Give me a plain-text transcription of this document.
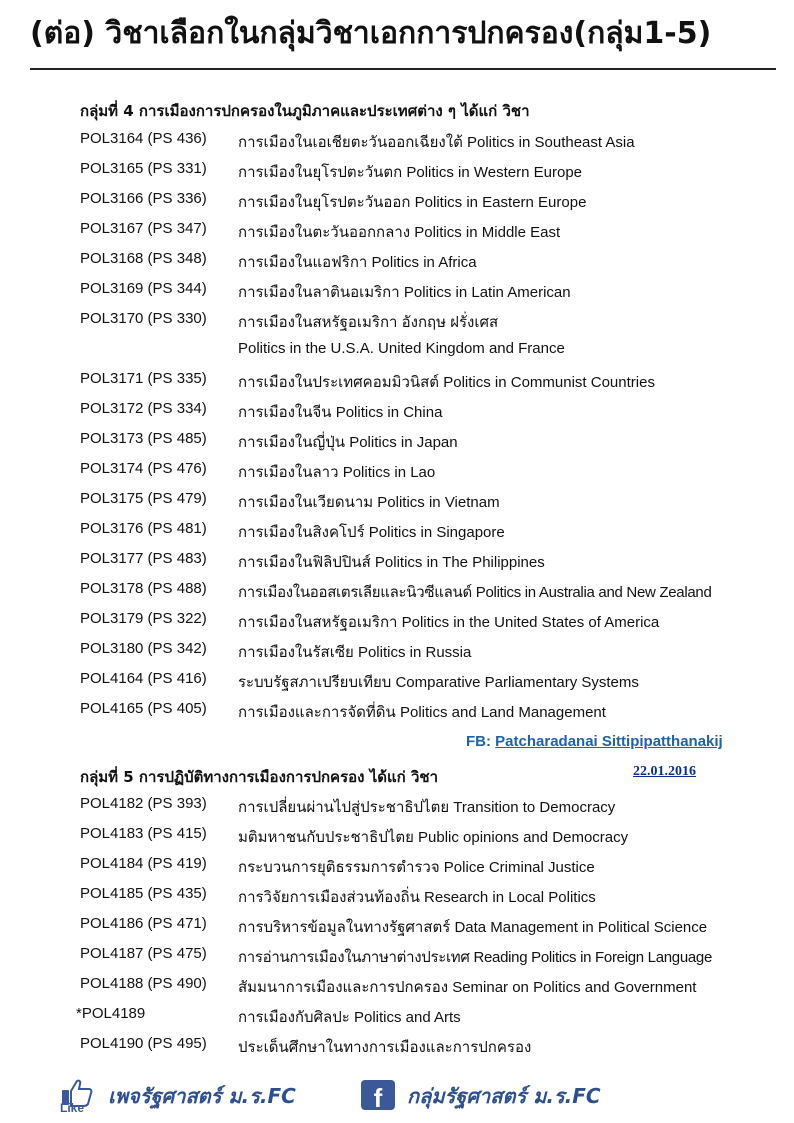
(ต่อ) วิชาเลือกในกลุ่มวิชาเอกการปกครอง(กลุ่ม1-5)
กลุ่มที่ 4 การเมืองการปกครองในภูมิภาคและประเทศต่าง ๆ ได้แก่ วิชา
POL3164 (PS 436) การเมืองในเอเชียตะวันออกเฉียงใต้ Politics in Southeast Asia
POL3165 (PS 331) การเมืองในยุโรปตะวันตก Politics in Western Europe
POL3166 (PS 336) การเมืองในยุโรปตะวันออก Politics in Eastern Europe
POL3167 (PS 347) การเมืองในตะวันออกกลาง Politics in Middle East
POL3168 (PS 348) การเมืองในแอฟริกา Politics in Africa
POL3169 (PS 344) การเมืองในลาตินอเมริกา Politics in Latin American
POL3170 (PS 330) การเมืองในสหรัฐอเมริกา อังกฤษ ฝรั่งเศส
Politics in the U.S.A. United Kingdom and France
POL3171 (PS 335) การเมืองในประเทศคอมมิวนิสต์ Politics in Communist Countries
POL3172 (PS 334) การเมืองในจีน Politics in China
POL3173 (PS 485) การเมืองในญี่ปุ่น Politics in Japan
POL3174 (PS 476) การเมืองในลาว Politics in Lao
POL3175 (PS 479) การเมืองในเวียดนาม Politics in Vietnam
POL3176 (PS 481) การเมืองในสิงคโปร์ Politics in Singapore
POL3177 (PS 483) การเมืองในฟิลิปปินส์ Politics in The Philippines
POL3178 (PS 488) การเมืองในออสเตรเลียและนิวซีแลนด์ Politics in Australia and New Zealand
POL3179 (PS 322) การเมืองในสหรัฐอเมริกา Politics in the United States of America
POL3180 (PS 342) การเมืองในรัสเซีย Politics in Russia
POL4164 (PS 416) ระบบรัฐสภาเปรียบเทียบ Comparative Parliamentary Systems
POL4165 (PS 405) การเมืองและการจัดที่ดิน Politics and Land Management
FB: Patcharadanai Sittipipatthanakij
22.01.2016
กลุ่มที่ 5 การปฏิบัติทางการเมืองการปกครอง ได้แก่ วิชา
POL4182 (PS 393) การเปลี่ยนผ่านไปสู่ประชาธิปไตย Transition to Democracy
POL4183 (PS 415) มติมหาชนกับประชาธิปไตย Public opinions and Democracy
POL4184 (PS 419) กระบวนการยุติธรรมการตำรวจ Police Criminal Justice
POL4185 (PS 435) การวิจัยการเมืองส่วนท้องถิ่น Research in Local Politics
POL4186 (PS 471) การบริหารข้อมูลในทางรัฐศาสตร์ Data Management in Political Science
POL4187 (PS 475) การอ่านการเมืองในภาษาต่างประเทศ Reading Politics in Foreign Language
POL4188 (PS 490) สัมมนาการเมืองและการปกครอง Seminar on Politics and Government
*POL4189	การเมืองกับศิลปะ Politics and Arts
POL4190 (PS 495) ประเด็นศึกษาในทางการเมืองและการปกครอง
Like เพจรัฐศาสตร์ ม.ร.FC	f	กลุ่มรัฐศาสตร์ ม.ร.FC
